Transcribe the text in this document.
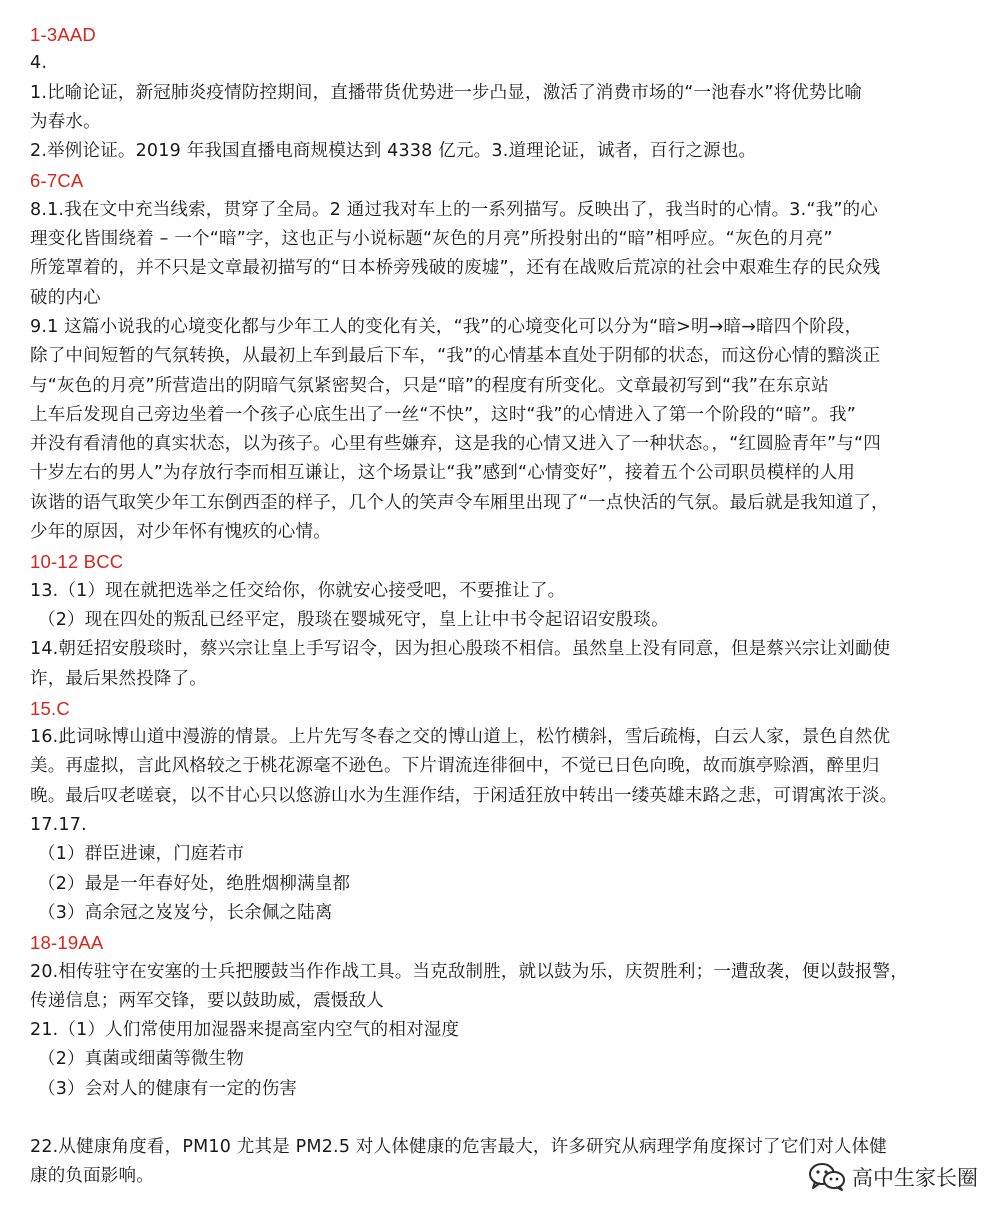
1-3AAD
4.
1.比喻论证，新冠肺炎疫情防控期间，直播带货优势进一步凸显，激活了消费市场的“一池春水”将优势比喻
为春水。
2.举例论证。2019 年我国直播电商规模达到 4338 亿元。3.道理论证，诚者，百行之源也。
6-7CA
8.1.我在文中充当线索，贯穿了全局。2 通过我对车上的一系列描写。反映出了，我当时的心情。3.“我”的心
理变化皆围绕着 – 一个“暗”字，这也正与小说标题“灰色的月亮”所投射出的“暗”相呼应。“灰色的月亮”
所笼罩着的，并不只是文章最初描写的“日本桥旁残破的废墟”，还有在战败后荒凉的社会中艰难生存的民众残
破的内心
9.1 这篇小说我的心境变化都与少年工人的变化有关，“我”的心境变化可以分为“暗>明→暗→暗四个阶段，
除了中间短暂的气氛转换，从最初上车到最后下车，“我”的心情基本直处于阴郁的状态，而这份心情的黯淡正
与“灰色的月亮”所营造出的阴暗气氛紧密契合，只是“暗”的程度有所变化。文章最初写到“我”在东京站
上车后发现自己旁边坐着一个孩子心底生出了一丝“不快”，这时“我”的心情进入了第一个阶段的“暗”。我”
并没有看清他的真实状态，以为孩子。心里有些嫌弃，这是我的心情又进入了一种状态。，“红圆脸青年”与“四
十岁左右的男人”为存放行李而相互谦让，这个场景让“我”感到“心情变好”，接着五个公司职员模样的人用
诙谐的语气取笑少年工东倒西歪的样子，几个人的笑声令车厢里出现了“一点快活的气氛。最后就是我知道了，
少年的原因，对少年怀有愧疚的心情。
10-12 BCC
13.（1）现在就把选举之任交给你，你就安心接受吧，不要推让了。
（2）现在四处的叛乱已经平定，殷琰在婴城死守，皇上让中书令起诏诏安殷琰。
14.朝廷招安殷琰时，蔡兴宗让皇上手写诏令，因为担心殷琰不相信。虽然皇上没有同意，但是蔡兴宗让刘勔使
诈，最后果然投降了。
15.C
16.此词咏博山道中漫游的情景。上片先写冬春之交的博山道上，松竹横斜，雪后疏梅，白云人家，景色自然优
美。再虚拟，言此风格较之于桃花源毫不逊色。下片谓流连徘徊中，不觉已日色向晚，故而旗亭赊酒，醉里归
晚。最后叹老嗟衰，以不甘心只以悠游山水为生涯作结，于闲适狂放中转出一缕英雄末路之悲，可谓寓浓于淡。
17.17.
（1）群臣进谏，门庭若市
（2）最是一年春好处，绝胜烟柳满皇都
（3）高余冠之岌岌兮，长余佩之陆离
18-19AA
20.相传驻守在安塞的士兵把腰鼓当作作战工具。当克敌制胜，就以鼓为乐，庆贺胜利；一遭敌袭，便以鼓报警，
传递信息；两军交锋，要以鼓助威，震慑敌人
21.（1）人们常使用加湿器来提高室内空气的相对湿度
（2）真菌或细菌等微生物
（3）会对人的健康有一定的伤害
22.从健康角度看，PM10 尤其是 PM2.5 对人体健康的危害最大，许多研究从病理学角度探讨了它们对人体健
康的负面影响。	高中生家长圈
